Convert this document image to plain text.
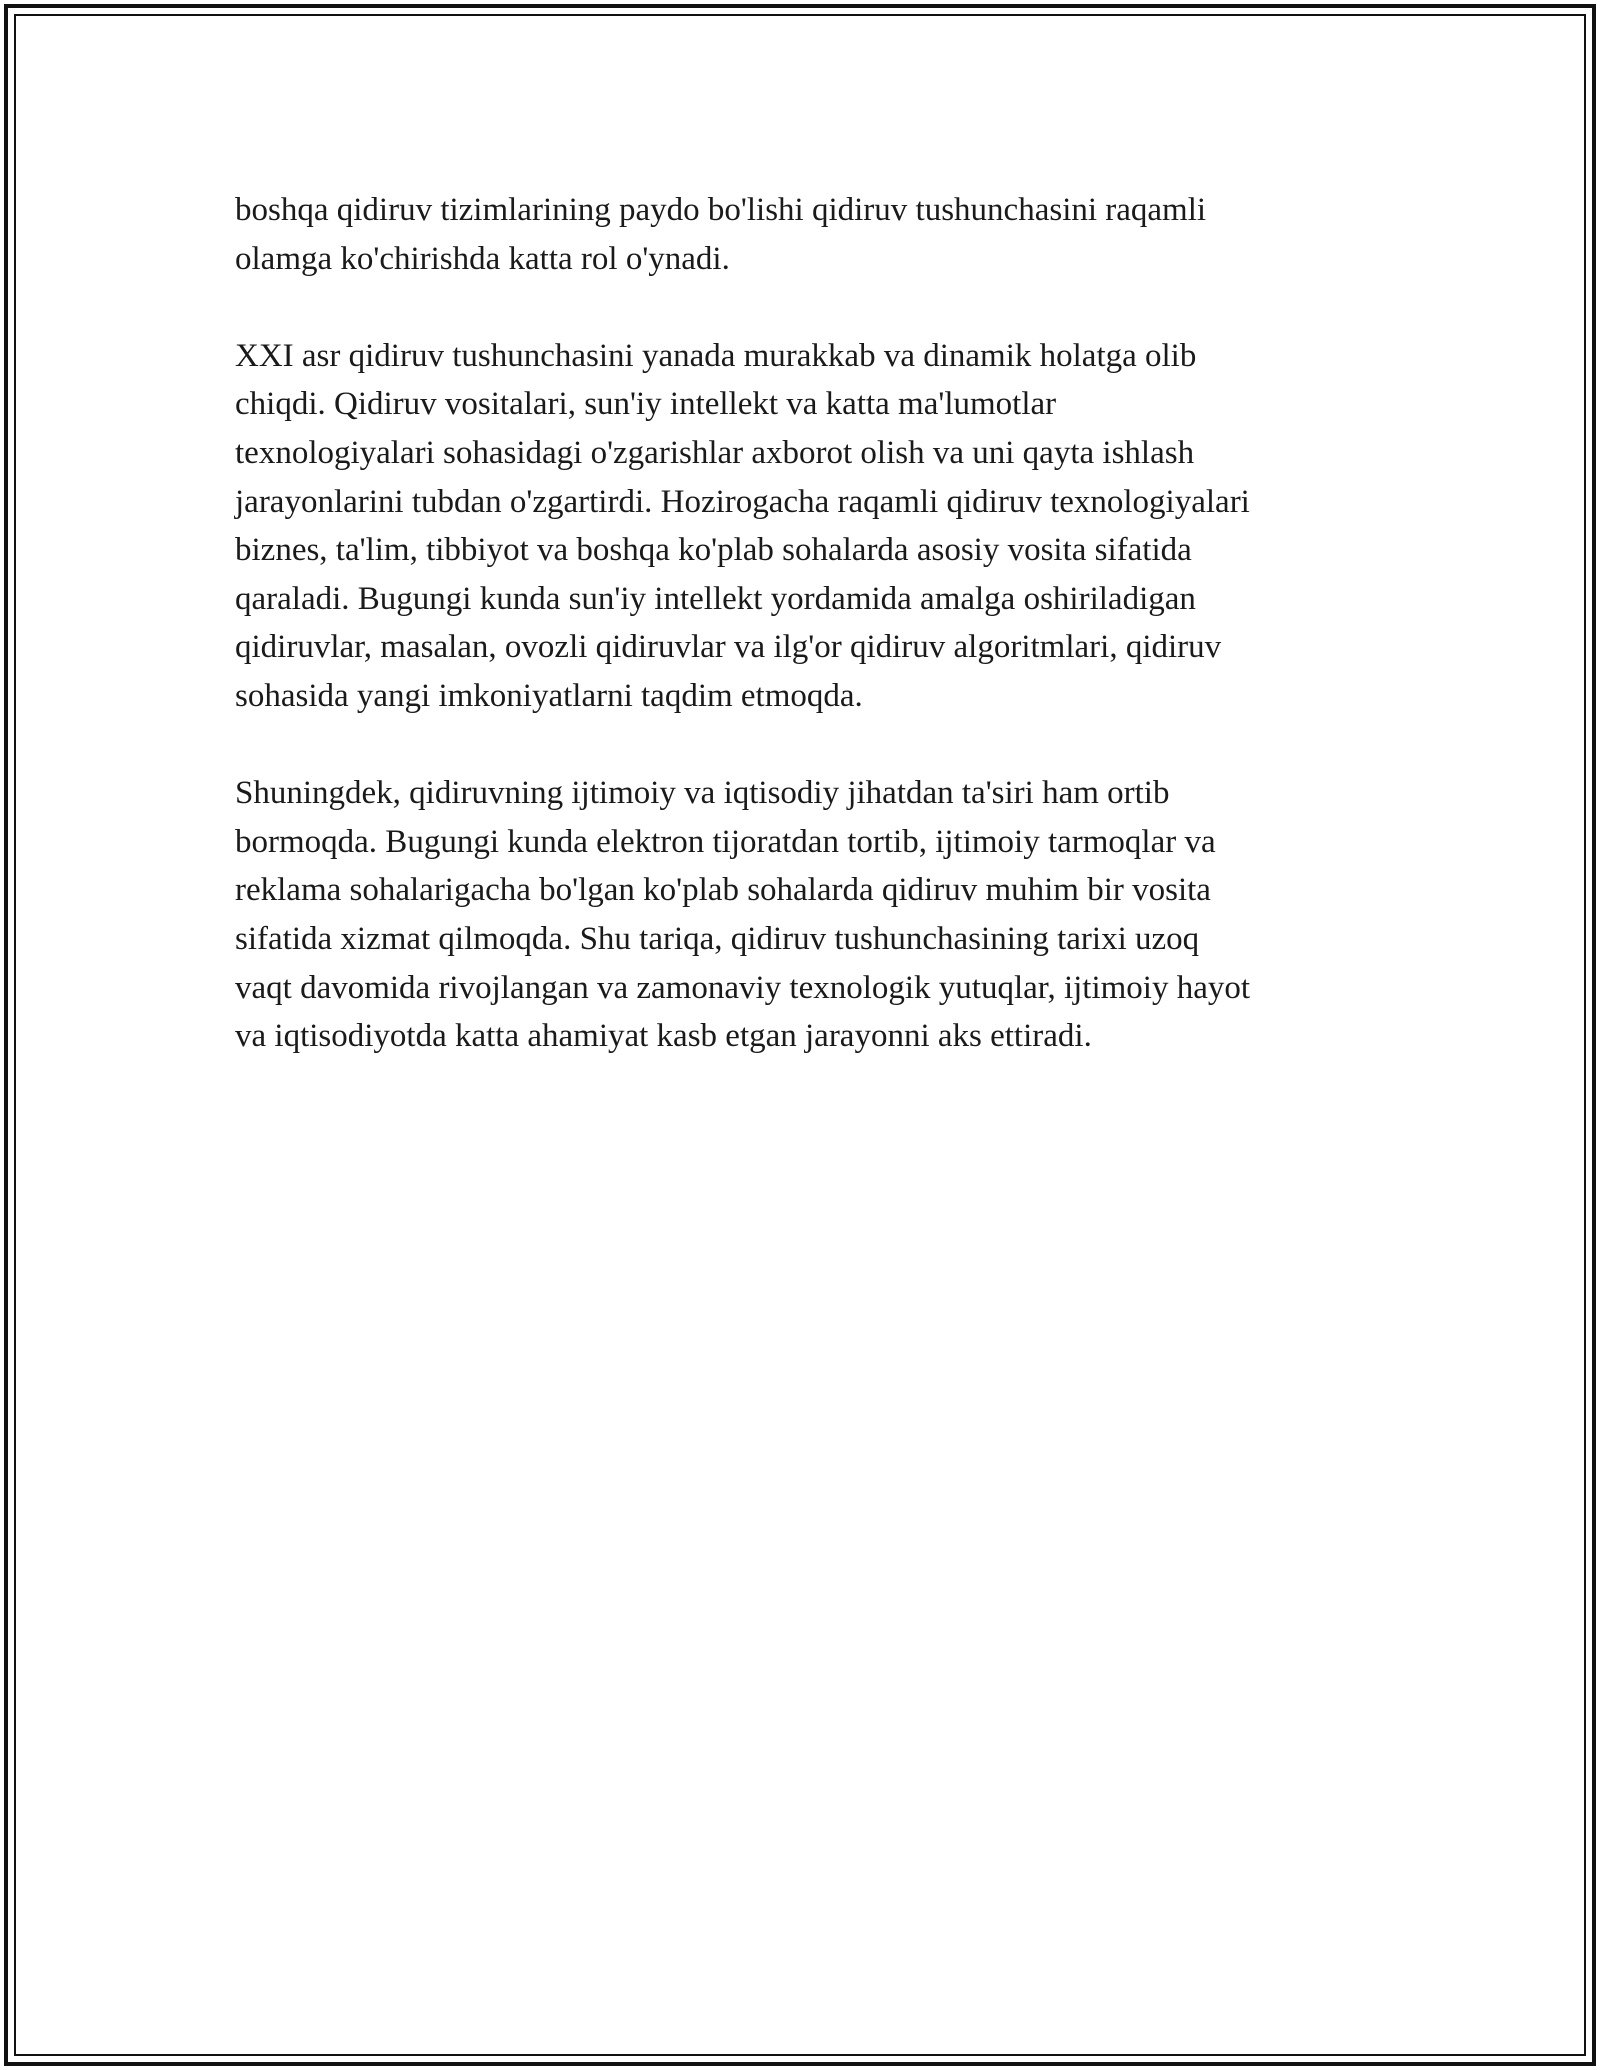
boshqa qidiruv tizimlarining paydo bo'lishi qidiruv tushunchasini raqamli
olamga ko'chirishda katta rol o'ynadi.

XXI asr qidiruv tushunchasini yanada murakkab va dinamik holatga olib
chiqdi. Qidiruv vositalari, sun'iy intellekt va katta ma'lumotlar
texnologiyalari sohasidagi o'zgarishlar axborot olish va uni qayta ishlash
jarayonlarini tubdan o'zgartirdi. Hozirogacha raqamli qidiruv texnologiyalari
biznes, ta'lim, tibbiyot va boshqa ko'plab sohalarda asosiy vosita sifatida
qaraladi. Bugungi kunda sun'iy intellekt yordamida amalga oshiriladigan
qidiruvlar, masalan, ovozli qidiruvlar va ilg'or qidiruv algoritmlari, qidiruv
sohasida yangi imkoniyatlarni taqdim etmoqda.

Shuningdek, qidiruvning ijtimoiy va iqtisodiy jihatdan ta'siri ham ortib
bormoqda. Bugungi kunda elektron tijoratdan tortib, ijtimoiy tarmoqlar va
reklama sohalarigacha bo'lgan ko'plab sohalarda qidiruv muhim bir vosita
sifatida xizmat qilmoqda. Shu tariqa, qidiruv tushunchasining tarixi uzoq
vaqt davomida rivojlangan va zamonaviy texnologik yutuqlar, ijtimoiy hayot
va iqtisodiyotda katta ahamiyat kasb etgan jarayonni aks ettiradi.
